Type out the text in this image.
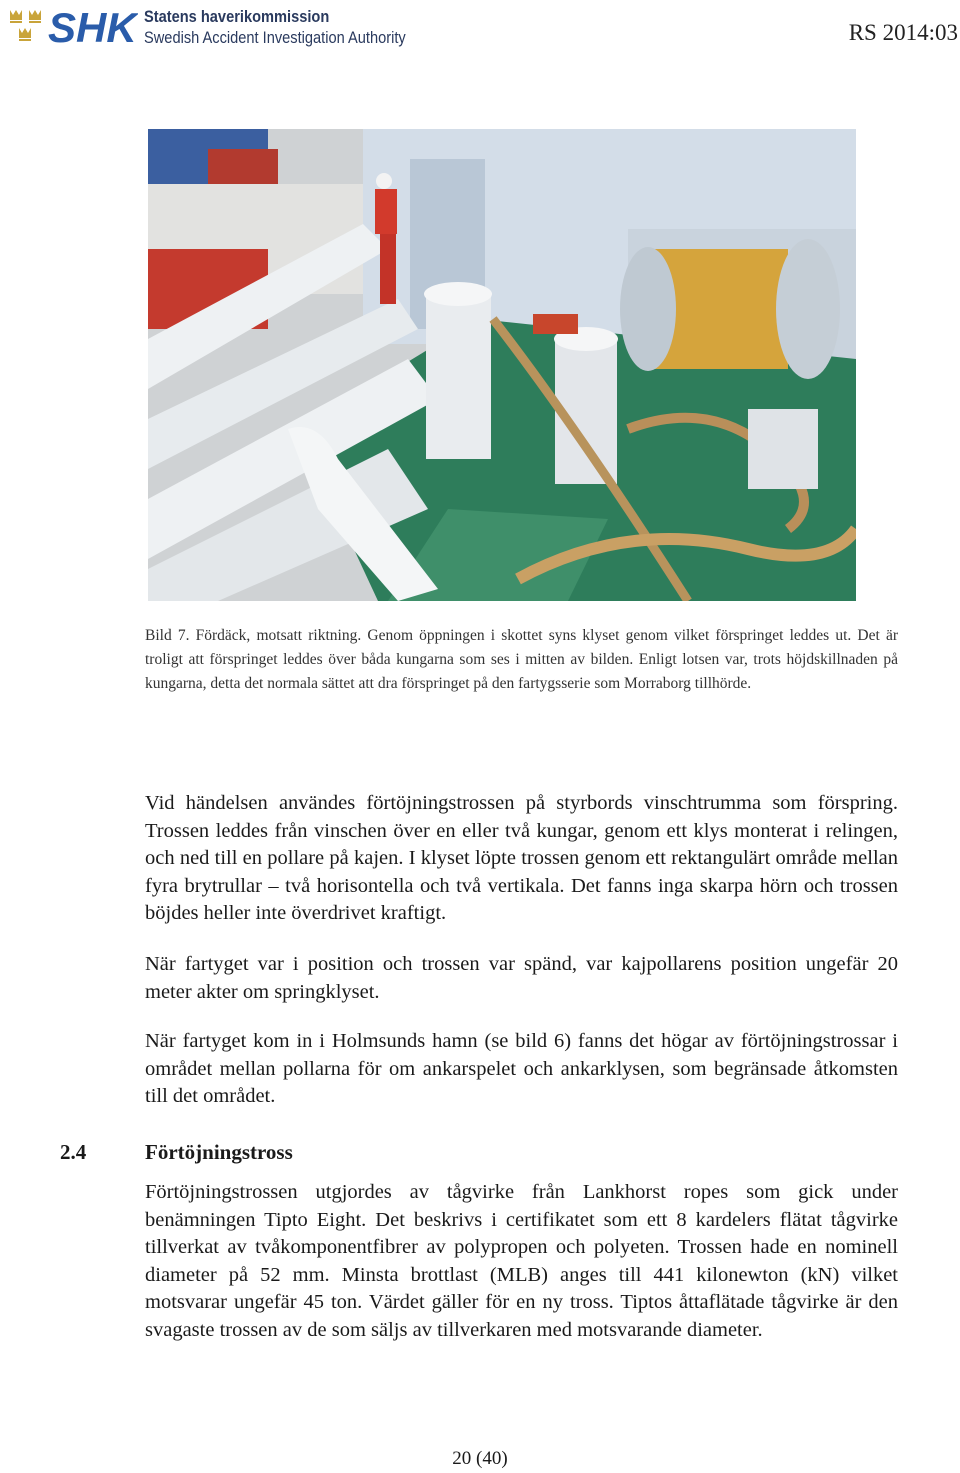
SHK Statens haverikommission
Swedish Accident Investigation Authority	RS 2014:03
Bild 7. Fördäck, motsatt riktning. Genom öppningen i skottet syns klyset genom vilket förspringet leddes ut. Det är troligt att förspringet leddes över båda kungarna som ses i mitten av bilden. Enligt lotsen var, trots höjdskillnaden på kungarna, detta det normala sättet att dra förspringet på den fartygsserie som Morraborg tillhörde.

Vid händelsen användes förtöjningstrossen på styrbords vinschtrumma som förspring. Trossen leddes från vinschen över en eller två kungar, genom ett klys monterat i relingen, och ned till en pollare på kajen. I klyset löpte trossen genom ett rektangulärt område mellan fyra brytrullar – två horisontella och två vertikala. Det fanns inga skarpa hörn och trossen böjdes heller inte överdrivet kraftigt.

När fartyget var i position och trossen var spänd, var kajpollarens position ungefär 20 meter akter om springklyset.

När fartyget kom in i Holmsunds hamn (se bild 6) fanns det högar av förtöjningstrossar i området mellan pollarna för om ankarspelet och ankarklysen, som begränsade åtkomsten till det området.

2.4	Förtöjningstross

Förtöjningstrossen utgjordes av tågvirke från Lankhorst ropes som gick under benämningen Tipto Eight. Det beskrivs i certifikatet som ett 8 kardelers flätat tågvirke tillverkat av tvåkomponentfibrer av polypropen och polyeten. Trossen hade en nominell diameter på 52 mm. Minsta brottlast (MLB) anges till 441 kilonewton (kN) vilket motsvarar ungefär 45 ton. Värdet gäller för en ny tross. Tiptos åttaflätade tågvirke är den svagaste trossen av de som säljs av tillverkaren med motsvarande diameter.

20 (40)
